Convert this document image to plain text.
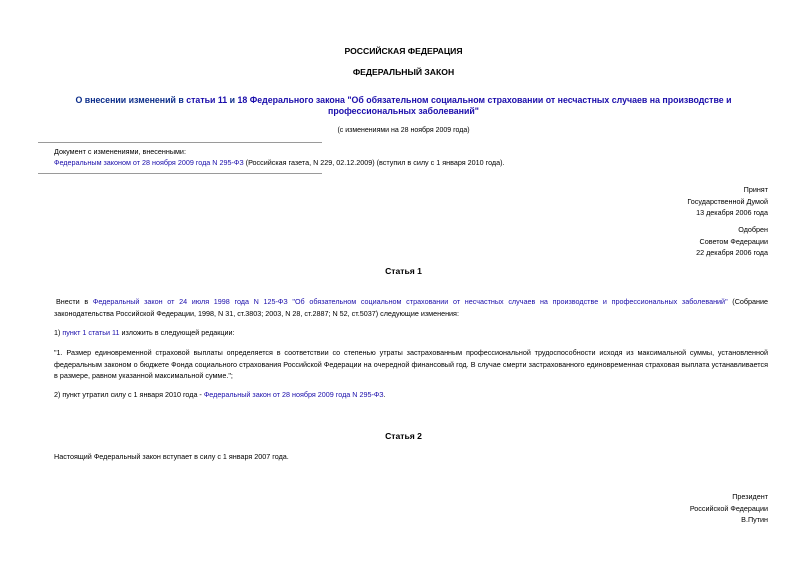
РОССИЙСКАЯ ФЕДЕРАЦИЯ
ФЕДЕРАЛЬНЫЙ ЗАКОН
О внесении изменений в статьи 11 и 18 Федерального закона "Об обязательном социальном страховании от несчастных случаев на производстве и
профессиональных заболеваний"
(с изменениями на 28 ноября 2009 года)
Документ с изменениями, внесенными:
Федеральным законом от 28 ноября 2009 года N 295-ФЗ (Российская газета, N 229, 02.12.2009) (вступил в силу с 1 января 2010 года).
Принят
Государственной Думой
13 декабря 2006 года
Одобрен
Советом Федерации
22 декабря 2006 года
Статья 1
Внести в Федеральный закон от 24 июля 1998 года N 125-ФЗ "Об обязательном социальном страховании от несчастных случаев на производстве и профессиональных заболеваний" (Собрание законодательства Российской Федерации, 1998, N 31, ст.3803; 2003, N 28, ст.2887; N 52, ст.5037) следующие изменения:
1) пункт 1 статьи 11 изложить в следующей редакции:
"1. Размер единовременной страховой выплаты определяется в соответствии со степенью утраты застрахованным профессиональной трудоспособности исходя из максимальной суммы, установленной федеральным законом о бюджете Фонда социального страхования Российской Федерации на очередной финансовый год. В случае смерти застрахованного единовременная страховая выплата устанавливается в размере, равном указанной максимальной сумме.";
2) пункт утратил силу с 1 января 2010 года - Федеральный закон от 28 ноября 2009 года N 295-ФЗ.
Статья 2
Настоящий Федеральный закон вступает в силу с 1 января 2007 года.
Президент
Российской Федерации
В.Путин
